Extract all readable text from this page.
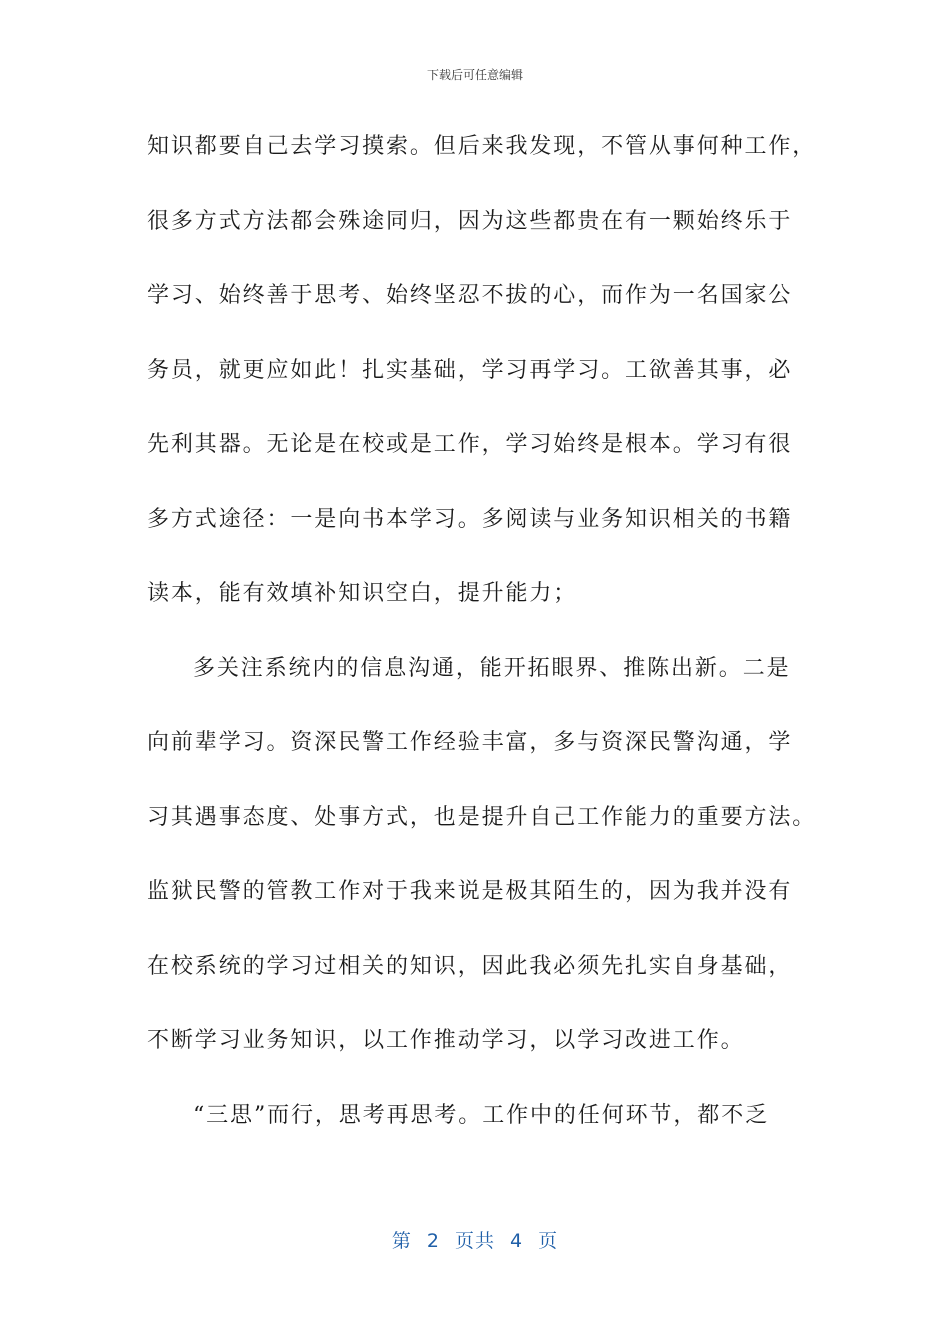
下载后可任意编辑
知识都要自己去学习摸索。但后来我发现，不管从事何种工作，
很多方式方法都会殊途同归，因为这些都贵在有一颗始终乐于
学习、始终善于思考、始终坚忍不拔的心，而作为一名国家公
务员，就更应如此！扎实基础，学习再学习。工欲善其事，必
先利其器。无论是在校或是工作，学习始终是根本。学习有很
多方式途径：一是向书本学习。多阅读与业务知识相关的书籍
读本，能有效填补知识空白，提升能力；
多关注系统内的信息沟通，能开拓眼界、推陈出新。二是
向前辈学习。资深民警工作经验丰富，多与资深民警沟通，学
习其遇事态度、处事方式，也是提升自己工作能力的重要方法。
监狱民警的管教工作对于我来说是极其陌生的，因为我并没有
在校系统的学习过相关的知识，因此我必须先扎实自身基础，
不断学习业务知识，以工作推动学习，以学习改进工作。
“三思”而行，思考再思考。工作中的任何环节，都不乏
第 2 页共 4 页
